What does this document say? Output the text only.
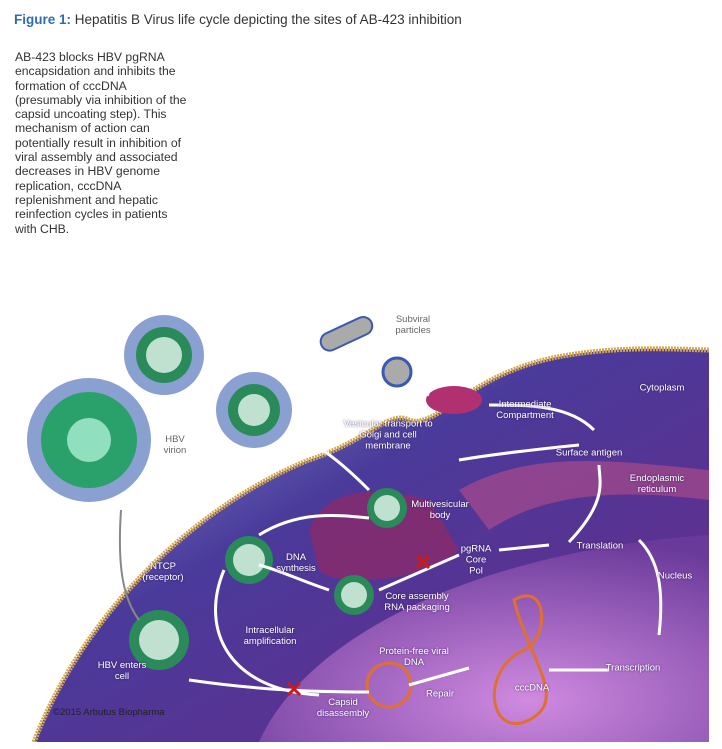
Figure 1: Hepatitis B Virus life cycle depicting the sites of AB-423 inhibition
AB-423 blocks HBV pgRNA encapsidation and inhibits the formation of cccDNA (presumably via inhibition of the capsid uncoating step). This mechanism of action can potentially result in inhibition of viral assembly and associated decreases in HBV genome replication, cccDNA replenishment and hepatic reinfection cycles in patients with CHB.
Subviral particles
HBV virion
Cytoplasm
Intermediate Compartment
Vesicular transport to Golgi and cell membrane
Surface antigen
Endoplasmic reticulum
Multivesicular body
Translation
pgRNA Core Pol
DNA synthesis
NTCP (receptor)	Nucleus
Core assembly RNA packaging
Intracellular amplification
Protein-free viral DNA	Transcription
HBV enters cell
cccDNA
Repair
Capsid disassembly
©2015 Arbutus Biopharma
